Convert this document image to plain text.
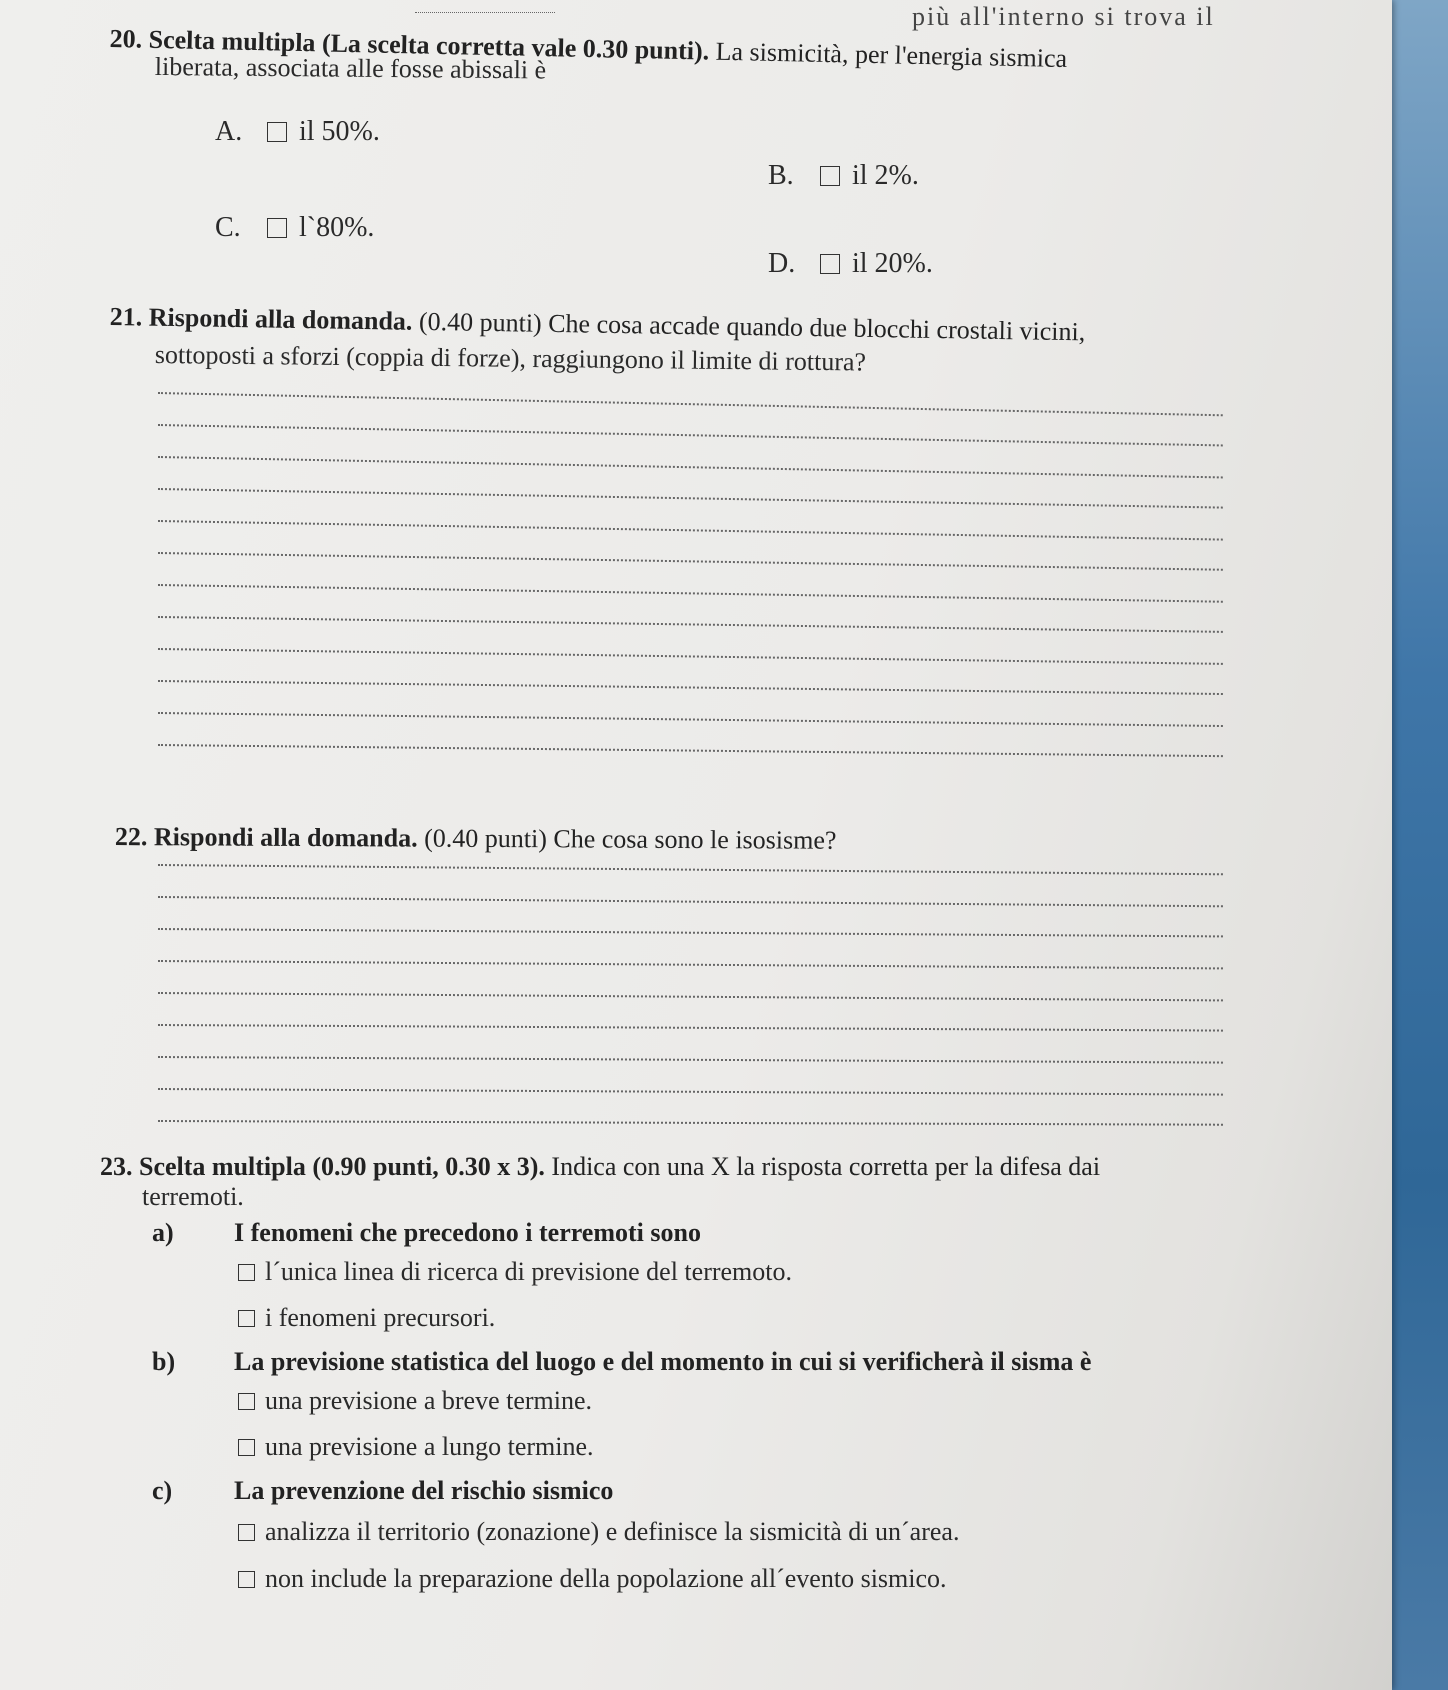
più all'interno si trova il
20. Scelta multipla (La scelta corretta vale 0.30 punti). La sismicità, per l'energia sismica
liberata, associata alle fosse abissali è
A.	il 50%.
B.	il 2%.
C.	l`80%.
D.	il 20%.
21. Rispondi alla domanda. (0.40 punti) Che cosa accade quando due blocchi crostali vicini,
sottoposti a sforzi (coppia di forze), raggiungono il limite di rottura?
22. Rispondi alla domanda. (0.40 punti) Che cosa sono le isosisme?
23. Scelta multipla (0.90 punti, 0.30 x 3). Indica con una X la risposta corretta per la difesa dai
terremoti.
a) I fenomeni che precedono i terremoti sono
l´unica linea di ricerca di previsione del terremoto.
i fenomeni precursori.
b) La previsione statistica del luogo e del momento in cui si verificherà il sisma è
una previsione a breve termine.
una previsione a lungo termine.
c) La prevenzione del rischio sismico
analizza il territorio (zonazione) e definisce la sismicità di un´area.
non include la preparazione della popolazione all´evento sismico.
